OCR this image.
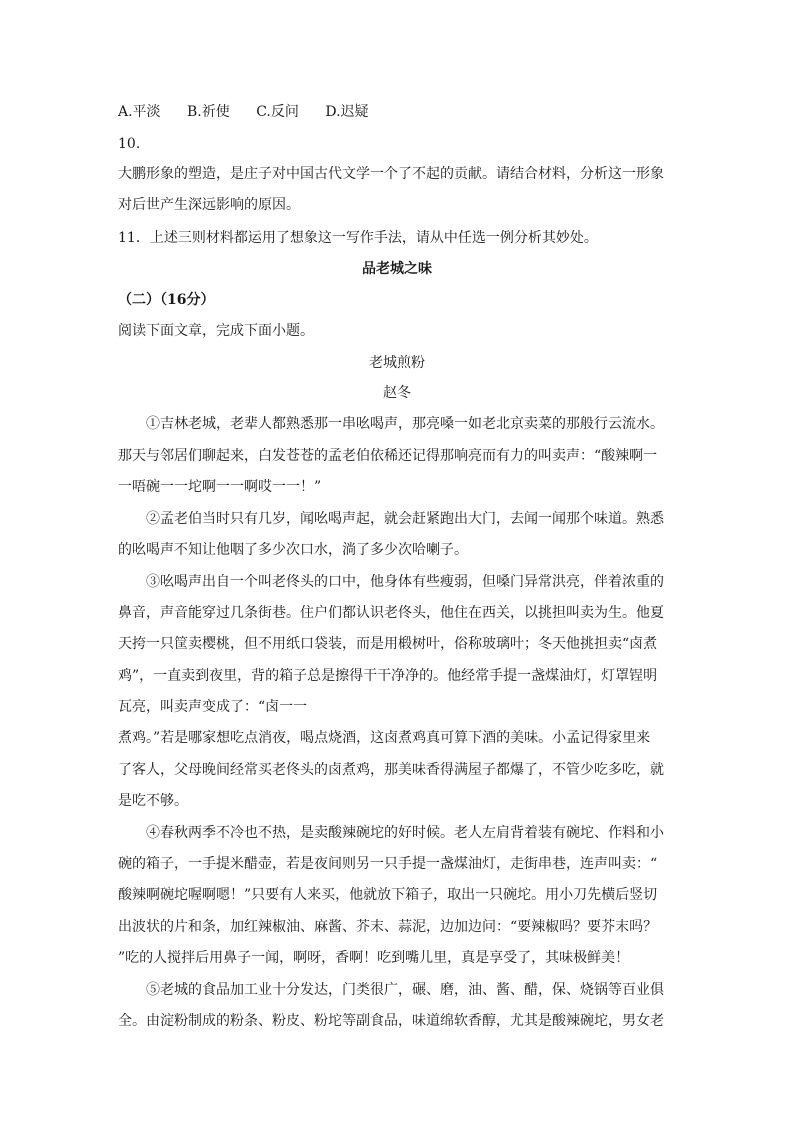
A.平淡 B.祈使 C.反问 D.迟疑
10.
大鹏形象的塑造，是庄子对中国古代文学一个了不起的贡献。请结合材料，分析这一形象
对后世产生深远影响的原因。
11．上述三则材料都运用了想象这一写作手法，请从中任选一例分析其妙处。
品老城之味
（二）（16分）
阅读下面文章，完成下面小题。
老城煎粉
赵冬
①吉林老城，老辈人都熟悉那一串吆喝声，那亮嗓一如老北京卖菜的那般行云流水。
那天与邻居们聊起来，白发苍苍的孟老伯依稀还记得那响亮而有力的叫卖声：“酸辣啊一
一唔碗一一坨啊一一啊哎一一！”
②孟老伯当时只有几岁，闻吆喝声起，就会赶紧跑出大门，去闻一闻那个味道。熟悉
的吆喝声不知让他咽了多少次口水，淌了多少次哈喇子。
③吆喝声出自一个叫老佟头的口中，他身体有些瘦弱，但嗓门异常洪亮，伴着浓重的
鼻音，声音能穿过几条街巷。住户们都认识老佟头，他住在西关，以挑担叫卖为生。他夏
天挎一只筐卖樱桃，但不用纸口袋装，而是用椴树叶，俗称玻璃叶；冬天他挑担卖“卤煮
鸡”，一直卖到夜里，背的箱子总是擦得干干净净的。他经常手提一盏煤油灯，灯罩锃明
瓦亮，叫卖声变成了：“卤一一
煮鸡。”若是哪家想吃点消夜，喝点烧酒，这卤煮鸡真可算下酒的美味。小孟记得家里来
了客人，父母晚间经常买老佟头的卤煮鸡，那美味香得满屋子都爆了，不管少吃多吃，就
是吃不够。
④春秋两季不冷也不热，是卖酸辣碗坨的好时候。老人左肩背着装有碗坨、作料和小
碗的箱子，一手提米醋壶，若是夜间则另一只手提一盏煤油灯，走街串巷，连声叫卖：“
酸辣啊碗坨喔啊嗯！”只要有人来买，他就放下箱子，取出一只碗坨。用小刀先横后竖切
出波状的片和条，加红辣椒油、麻酱、芥末、蒜泥，边加边问：“要辣椒吗？要芥末吗？
”吃的人搅拌后用鼻子一闻，啊呀，香啊！吃到嘴儿里，真是享受了，其味极鲜美！
⑤老城的食品加工业十分发达，门类很广，碾、磨，油、酱、醋，保、烧锅等百业俱
全。由淀粉制成的粉条、粉皮、粉坨等副食品，味道绵软香醇，尤其是酸辣碗坨，男女老
